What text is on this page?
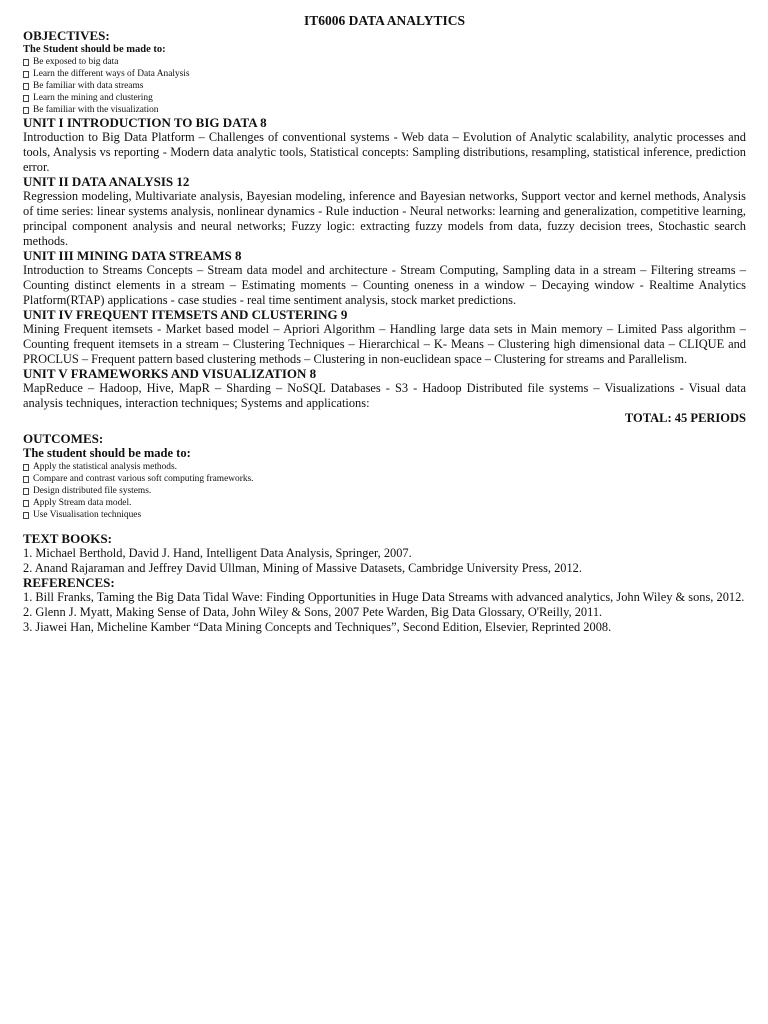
IT6006 DATA ANALYTICS

OBJECTIVES:

The Student should be made to:

Be exposed to big data

Learn the different ways of Data Analysis

Be familiar with data streams

Learn the mining and clustering

Be familiar with the visualization

UNIT I INTRODUCTION TO BIG DATA 8

Introduction to Big Data Platform – Challenges of conventional systems - Web data – Evolution of Analytic scalability, analytic processes and tools, Analysis vs reporting - Modern data analytic tools, Statistical concepts: Sampling distributions, resampling, statistical inference, prediction error.

UNIT II DATA ANALYSIS 12

Regression modeling, Multivariate analysis, Bayesian modeling, inference and Bayesian networks, Support vector and kernel methods, Analysis of time series: linear systems analysis, nonlinear dynamics - Rule induction - Neural networks: learning and generalization, competitive learning, principal component analysis and neural networks; Fuzzy logic: extracting fuzzy models from data, fuzzy decision trees, Stochastic search methods.

UNIT III MINING DATA STREAMS 8

Introduction to Streams Concepts – Stream data model and architecture - Stream Computing, Sampling data in a stream – Filtering streams – Counting distinct elements in a stream – Estimating moments – Counting oneness in a window – Decaying window - Realtime Analytics Platform(RTAP) applications - case studies - real time sentiment analysis, stock market predictions.

UNIT IV FREQUENT ITEMSETS AND CLUSTERING 9

Mining Frequent itemsets - Market based model – Apriori Algorithm – Handling large data sets in Main memory – Limited Pass algorithm – Counting frequent itemsets in a stream – Clustering Techniques – Hierarchical – K- Means – Clustering high dimensional data – CLIQUE and PROCLUS – Frequent pattern based clustering methods – Clustering in non-euclidean space – Clustering for streams and Parallelism.

UNIT V FRAMEWORKS AND VISUALIZATION 8

MapReduce – Hadoop, Hive, MapR – Sharding – NoSQL Databases - S3 - Hadoop Distributed file systems – Visualizations - Visual data analysis techniques, interaction techniques; Systems and applications:

TOTAL: 45 PERIODS

OUTCOMES:

The student should be made to:

Apply the statistical analysis methods.

Compare and contrast various soft computing frameworks.

Design distributed file systems.

Apply Stream data model.

Use Visualisation techniques

TEXT BOOKS:

1. Michael Berthold, David J. Hand, Intelligent Data Analysis, Springer, 2007.

2. Anand Rajaraman and Jeffrey David Ullman, Mining of Massive Datasets, Cambridge University Press, 2012.

REFERENCES:

1. Bill Franks, Taming the Big Data Tidal Wave: Finding Opportunities in Huge Data Streams with advanced analytics, John Wiley & sons, 2012.

2. Glenn J. Myatt, Making Sense of Data, John Wiley & Sons, 2007 Pete Warden, Big Data Glossary, O'Reilly, 2011.

3. Jiawei Han, Micheline Kamber “Data Mining Concepts and Techniques”, Second Edition, Elsevier, Reprinted 2008.
